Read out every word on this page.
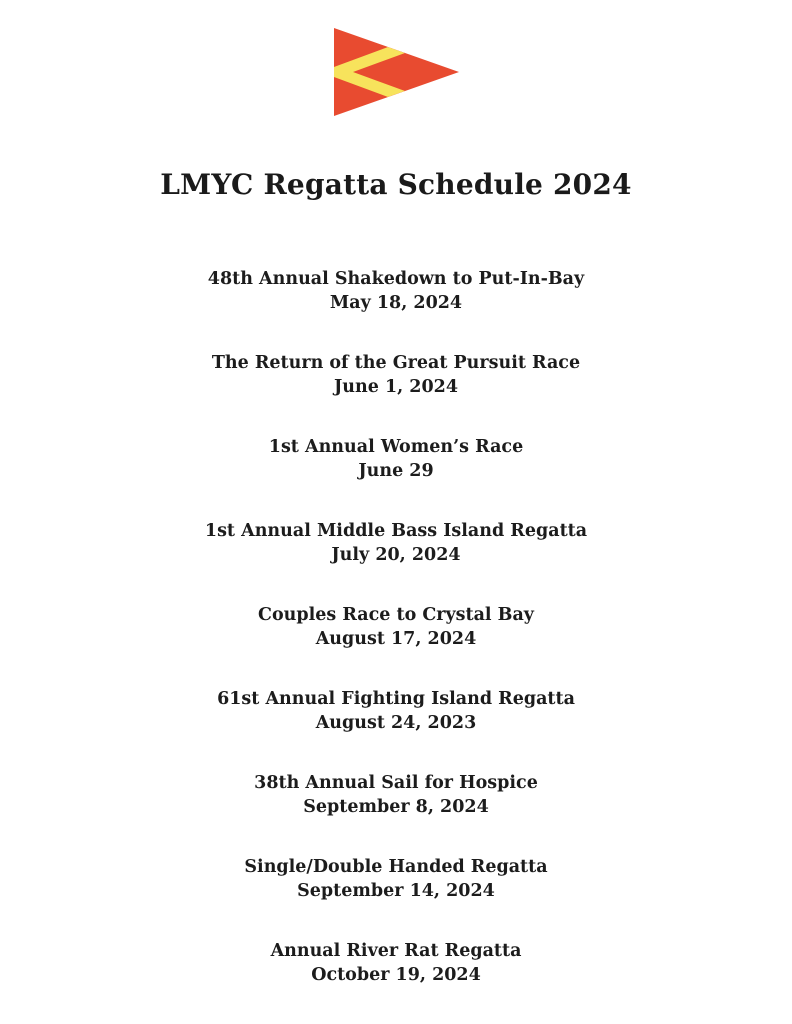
LMYC Regatta Schedule 2024
48th Annual Shakedown to Put-In-Bay
May 18, 2024
The Return of the Great Pursuit Race
June 1, 2024
1st Annual Women’s Race
June 29
1st Annual Middle Bass Island Regatta
July 20, 2024
Couples Race to Crystal Bay
August 17, 2024
61st Annual Fighting Island Regatta
August 24, 2023
38th Annual Sail for Hospice
September 8, 2024
Single/Double Handed Regatta
September 14, 2024
Annual River Rat Regatta
October 19, 2024
